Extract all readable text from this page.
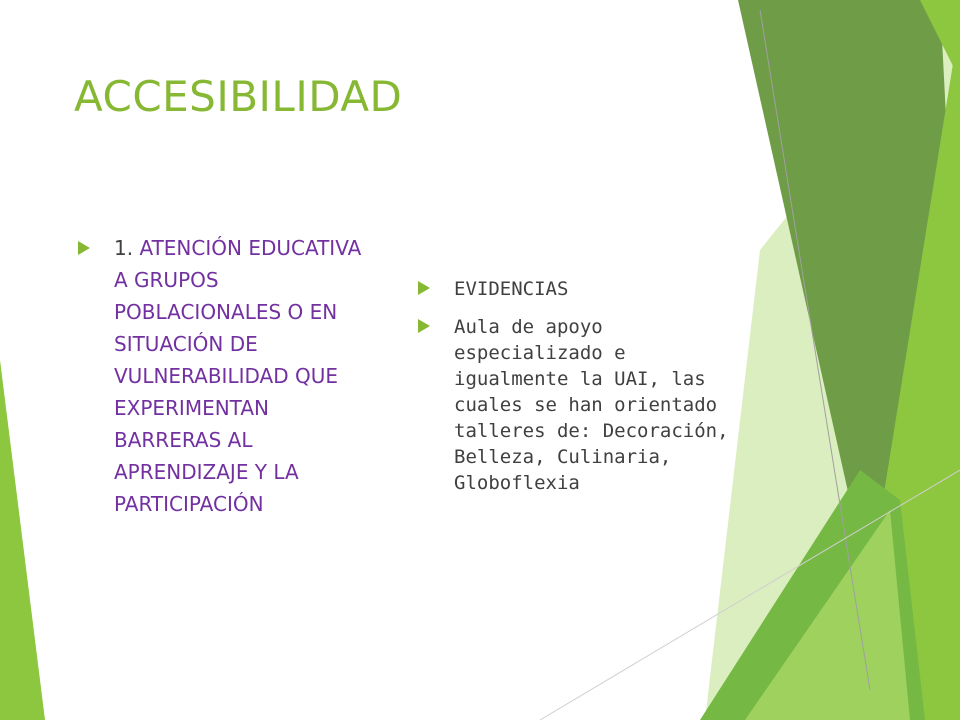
ACCESIBILIDAD
1. ATENCIÓN EDUCATIVA A GRUPOS POBLACIONALES O EN SITUACIÓN DE VULNERABILIDAD QUE EXPERIMENTAN BARRERAS AL APRENDIZAJE Y LA PARTICIPACIÓN
EVIDENCIAS
Aula de apoyo especializado e igualmente la UAI, las cuales se han orientado talleres de: Decoración, Belleza, Culinaria, Globoflexia
